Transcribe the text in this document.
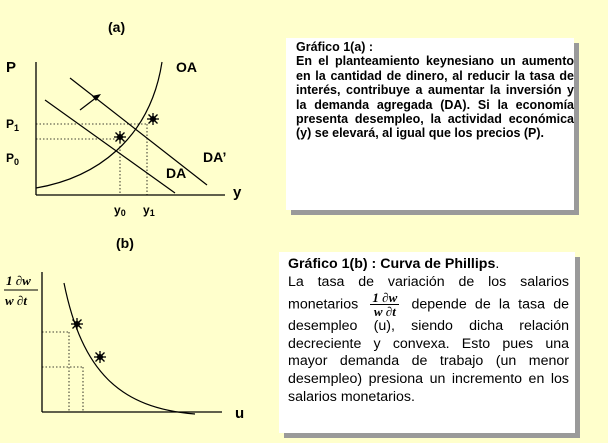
(a)
P
y
OA
DA’
DA
$P_1$
$P_0$
y0 y1
(b)
1 ∂w
w ∂t
u
Gráfico 1(a) :
En el planteamiento keynesiano un aumento en la cantidad de dinero, al reducir la tasa de interés, contribuye a aumentar la inversión y la demanda agregada (DA). Si la economía presenta desempleo, la actividad económica (y) se elevará, al igual que los precios (P).
Gráfico 1(b) : Curva de Phillips.
La tasa de variación de los salarios monetarios $\frac{1 \partial w}{w \partial t}$ depende de la tasa de desempleo (u), siendo dicha relación decreciente y convexa. Esto pues una mayor demanda de trabajo (un menor desempleo) presiona un incremento en los salarios monetarios.
